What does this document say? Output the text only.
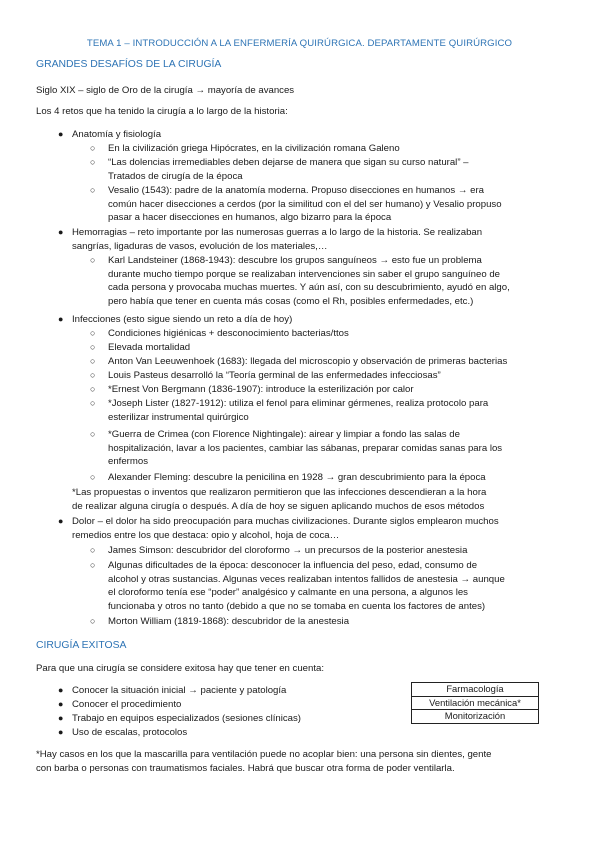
TEMA 1 – INTRODUCCIÓN A LA ENFERMERÍA QUIRÚRGICA. DEPARTAMENTE QUIRÚRGICO
GRANDES DESAFÍOS DE LA CIRUGÍA
Siglo XIX – siglo de Oro de la cirugía → mayoría de avances
Los 4 retos que ha tenido la cirugía a lo largo de la historia:
● Anatomía y fisiología
○ En la civilización griega Hipócrates, en la civilización romana Galeno
○ “Las dolencias irremediables deben dejarse de manera que sigan su curso natural” –
Tratados de cirugía de la época
○ Vesalio (1543): padre de la anatomía moderna. Propuso disecciones en humanos → era
común hacer disecciones a cerdos (por la similitud con el del ser humano) y Vesalio propuso
pasar a hacer disecciones en humanos, algo bizarro para la época
● Hemorragias – reto importante por las numerosas guerras a lo largo de la historia. Se realizaban
sangrías, ligaduras de vasos, evolución de los materiales,…
○ Karl Landsteiner (1868-1943): descubre los grupos sanguíneos → esto fue un problema
durante mucho tiempo porque se realizaban intervenciones sin saber el grupo sanguíneo de
cada persona y provocaba muchas muertes. Y aún así, con su descubrimiento, ayudó en algo,
pero había que tener en cuenta más cosas (como el Rh, posibles enfermedades, etc.)
● Infecciones (esto sigue siendo un reto a día de hoy)
○ Condiciones higiénicas + desconocimiento bacterias/ttos
○ Elevada mortalidad
○ Anton Van Leeuwenhoek (1683): llegada del microscopio y observación de primeras bacterias
○ Louis Pasteus desarrolló la “Teoría germinal de las enfermedades infecciosas”
○ *Ernest Von Bergmann (1836-1907): introduce la esterilización por calor
○ *Joseph Lister (1827-1912): utiliza el fenol para eliminar gérmenes, realiza protocolo para
esterilizar instrumental quirúrgico
○ *Guerra de Crimea (con Florence Nightingale): airear y limpiar a fondo las salas de
hospitalización, lavar a los pacientes, cambiar las sábanas, preparar comidas sanas para los
enfermos
○ Alexander Fleming: descubre la penicilina en 1928 → gran descubrimiento para la época
*Las propuestas o inventos que realizaron permitieron que las infecciones descendieran a la hora
de realizar alguna cirugía o después. A día de hoy se siguen aplicando muchos de esos métodos
● Dolor – el dolor ha sido preocupación para muchas civilizaciones. Durante siglos emplearon muchos
remedios entre los que destaca: opio y alcohol, hoja de coca…
○ James Simson: descubridor del cloroformo → un precursos de la posterior anestesia
○ Algunas dificultades de la época: desconocer la influencia del peso, edad, consumo de
alcohol y otras sustancias. Algunas veces realizaban intentos fallidos de anestesia → aunque
el cloroformo tenía ese “poder” analgésico y calmante en una persona, a algunos les
funcionaba y otros no tanto (debido a que no se tomaba en cuenta los factores de antes)
○ Morton William (1819-1868): descubridor de la anestesia
CIRUGÍA EXITOSA
Para que una cirugía se considere exitosa hay que tener en cuenta:
● Conocer la situación inicial → paciente y patología
● Conocer el procedimiento
● Trabajo en equipos especializados (sesiones clínicas)
● Uso de escalas, protocolos
Farmacología
Ventilación mecánica*
Monitorización
*Hay casos en los que la mascarilla para ventilación puede no acoplar bien: una persona sin dientes, gente
con barba o personas con traumatismos faciales. Habrá que buscar otra forma de poder ventilarla.
